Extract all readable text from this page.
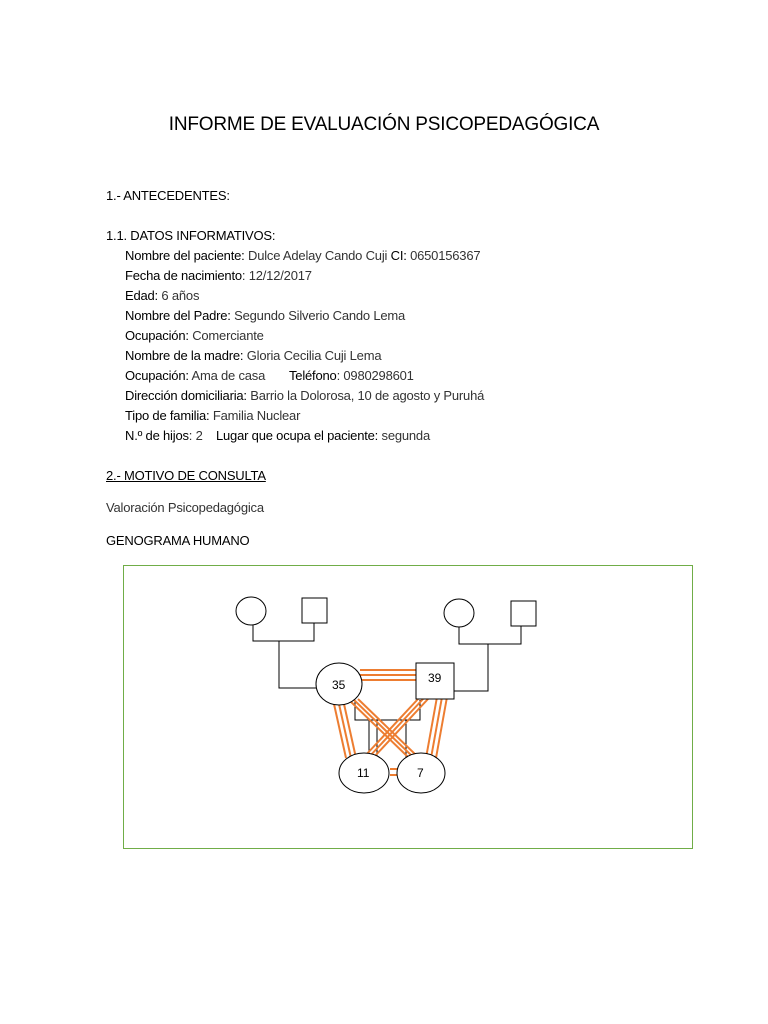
INFORME DE EVALUACIÓN PSICOPEDAGÓGICA
1.- ANTECEDENTES:
1.1. DATOS INFORMATIVOS:
Nombre del paciente: Dulce Adelay Cando Cuji CI: 0650156367
Fecha de nacimiento: 12/12/2017
Edad: 6 años
Nombre del Padre: Segundo Silverio Cando Lema
Ocupación: Comerciante
Nombre de la madre: Gloria Cecilia Cuji Lema
Ocupación: Ama de casa Teléfono: 0980298601
Dirección domiciliaria: Barrio la Dolorosa, 10 de agosto y Puruhá
Tipo de familia: Familia Nuclear
N.º de hijos: 2 Lugar que ocupa el paciente: segunda
2.- MOTIVO DE CONSULTA
Valoración Psicopedagógica
GENOGRAMA HUMANO
35	39
11	7
